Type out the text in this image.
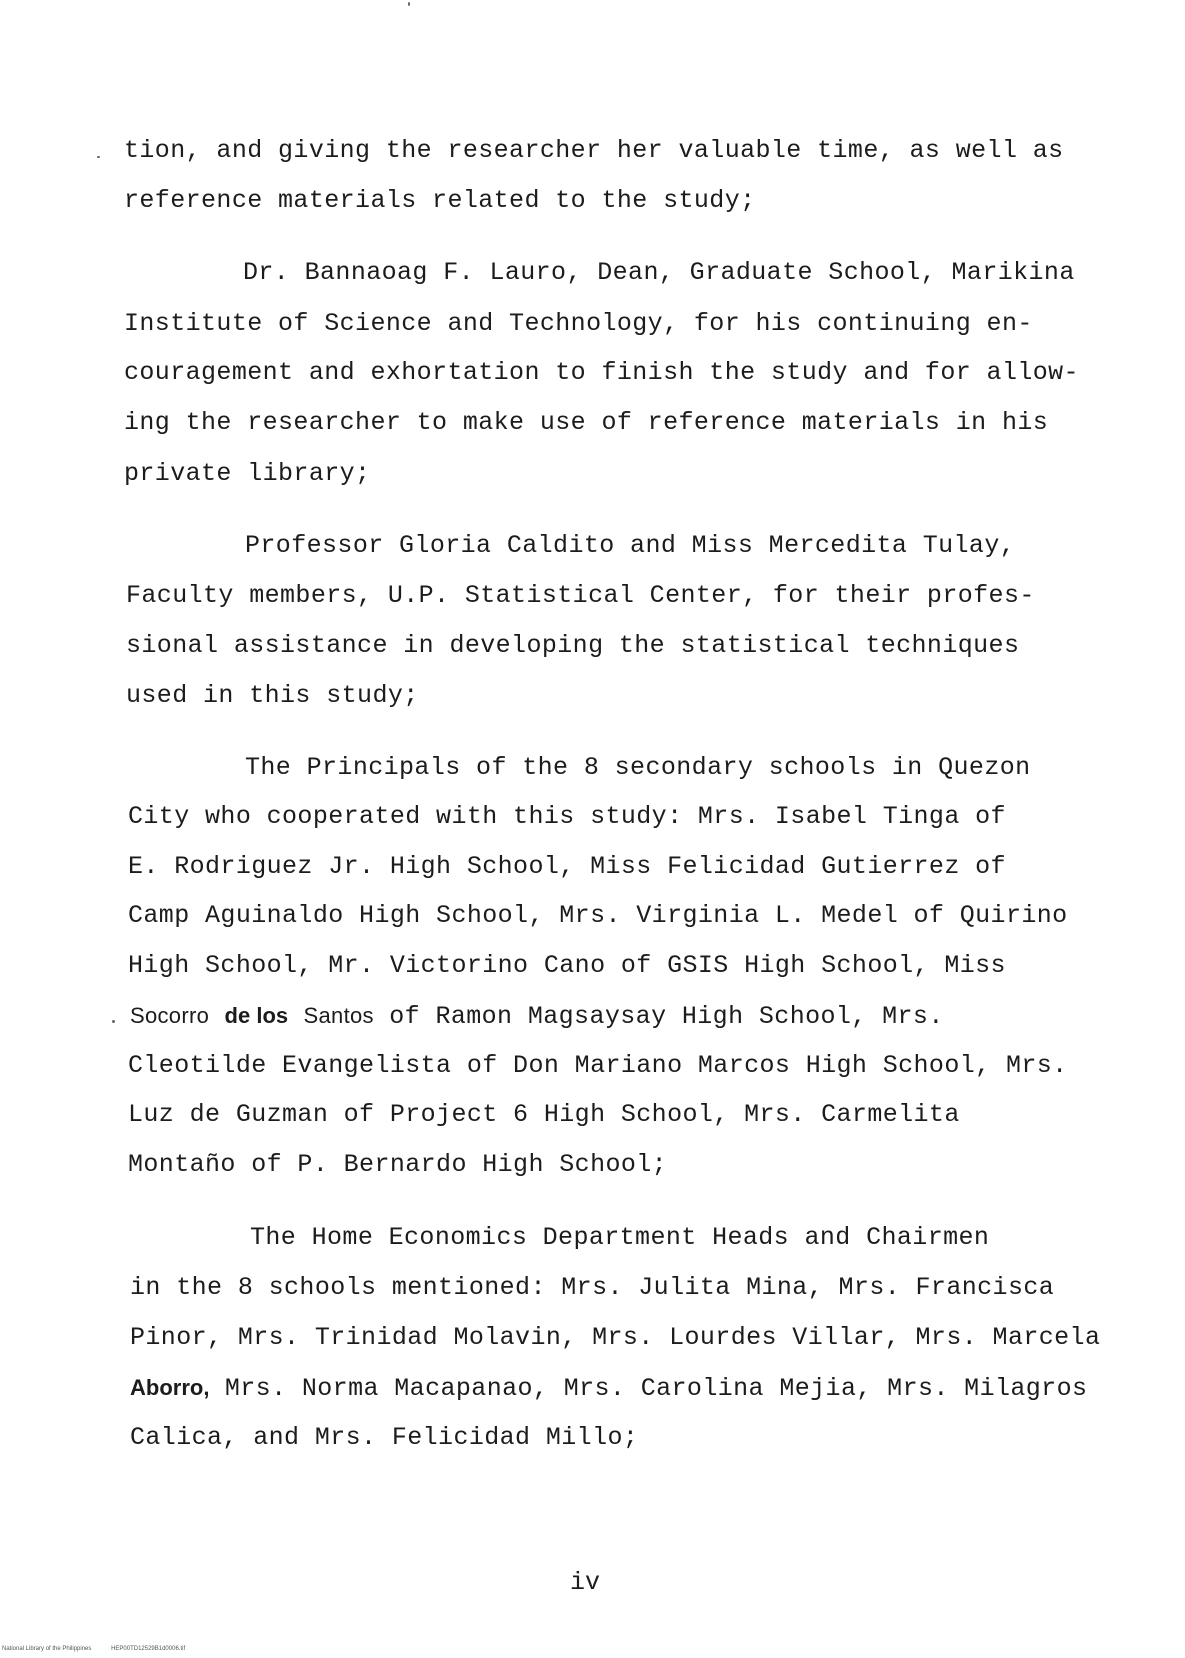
tion, and giving the researcher her valuable time, as well as
reference materials related to the study;
Dr. Bannaoag F. Lauro, Dean, Graduate School, Marikina
Institute of Science and Technology, for his continuing en-
couragement and exhortation to finish the study and for allow-
ing the researcher to make use of reference materials in his
private library;
Professor Gloria Caldito and Miss Mercedita Tulay,
Faculty members, U.P. Statistical Center, for their profes-
sional assistance in developing the statistical techniques
used in this study;
The Principals of the 8 secondary schools in Quezon
City who cooperated with this study: Mrs. Isabel Tinga of
E. Rodriguez Jr. High School, Miss Felicidad Gutierrez of
Camp Aguinaldo High School, Mrs. Virginia L. Medel of Quirino
High School, Mr. Victorino Cano of GSIS High School, Miss
Socorro de los Santos of Ramon Magsaysay High School, Mrs.
Cleotilde Evangelista of Don Mariano Marcos High School, Mrs.
Luz de Guzman of Project 6 High School, Mrs. Carmelita
Montaño of P. Bernardo High School;
The Home Economics Department Heads and Chairmen
in the 8 schools mentioned: Mrs. Julita Mina, Mrs. Francisca
Pinor, Mrs. Trinidad Molavin, Mrs. Lourdes Villar, Mrs. Marcela
Aborro, Mrs. Norma Macapanao, Mrs. Carolina Mejia, Mrs. Milagros
Calica, and Mrs. Felicidad Millo;
iv
National Library of the Philippines	HEP00TD12529B1d0006.tif
